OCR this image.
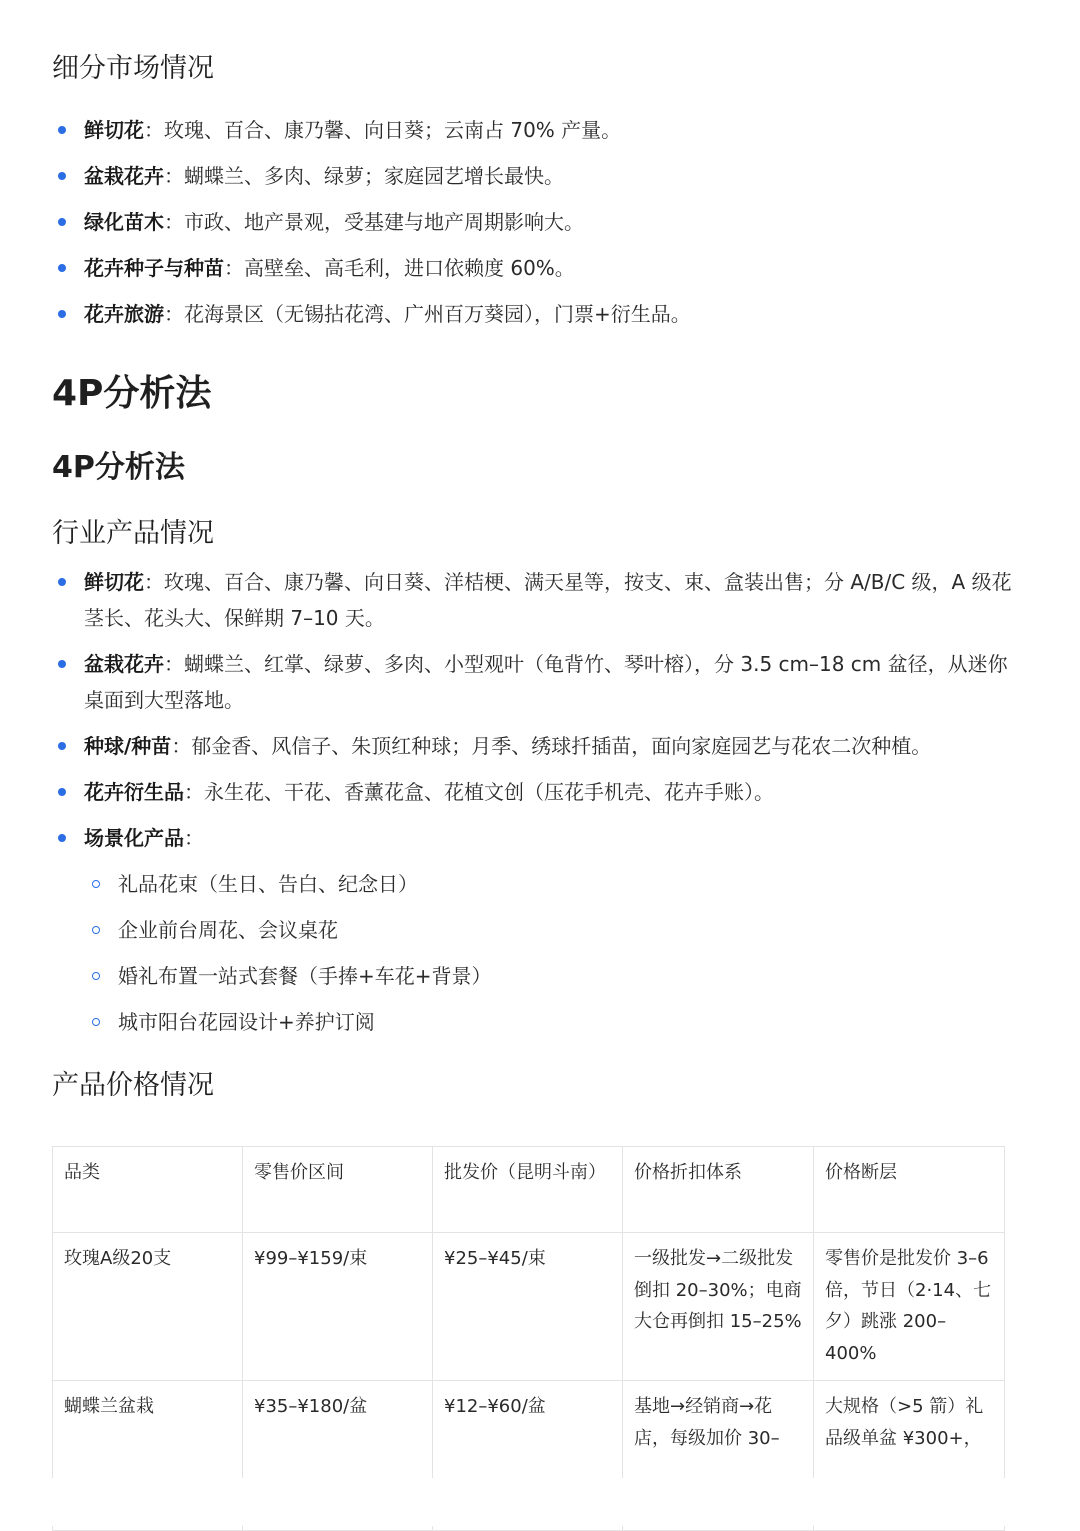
细分市场情况
鲜切花：玫瑰、百合、康乃馨、向日葵；云南占 70% 产量。
盆栽花卉：蝴蝶兰、多肉、绿萝；家庭园艺增长最快。
绿化苗木：市政、地产景观，受基建与地产周期影响大。
花卉种子与种苗：高壁垒、高毛利，进口依赖度 60%。
花卉旅游：花海景区（无锡拈花湾、广州百万葵园），门票+衍生品。
4P分析法
4P分析法
行业产品情况
鲜切花：玫瑰、百合、康乃馨、向日葵、洋桔梗、满天星等，按支、束、盒装出售；分 A/B/C 级，A 级花茎长、花头大、保鲜期 7–10 天。
盆栽花卉：蝴蝶兰、红掌、绿萝、多肉、小型观叶（龟背竹、琴叶榕），分 3.5 cm–18 cm 盆径，从迷你桌面到大型落地。
种球/种苗：郁金香、风信子、朱顶红种球；月季、绣球扦插苗，面向家庭园艺与花农二次种植。
花卉衍生品：永生花、干花、香薰花盒、花植文创（压花手机壳、花卉手账）。
场景化产品：
礼品花束（生日、告白、纪念日）
企业前台周花、会议桌花
婚礼布置一站式套餐（手捧+车花+背景）
城市阳台花园设计+养护订阅
产品价格情况
品类	零售价区间	批发价（昆明斗南）	价格折扣体系	价格断层
玫瑰A级20支	¥99–¥159/束	¥25–¥45/束	一级批发→二级批发倒扣 20–30%；电商大仓再倒扣 15–25%	零售价是批发价 3–6 倍，节日（2·14、七夕）跳涨 200–400%
蝴蝶兰盆栽	¥35–¥180/盆	¥12–¥60/盆	基地→经销商→花店，每级加价 30–	大规格（>5 箭）礼品级单盆 ¥300+，
